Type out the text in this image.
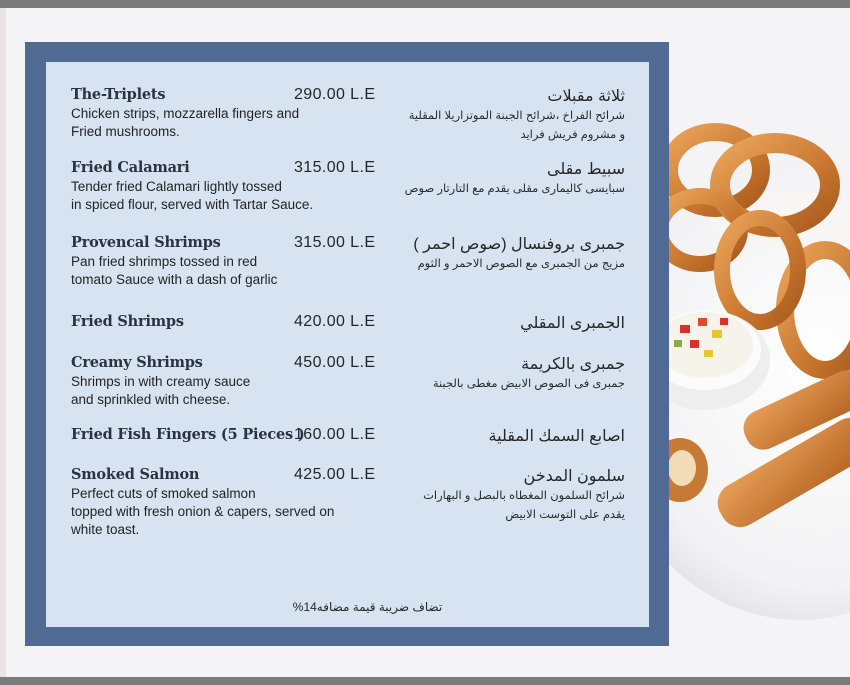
The-Triplets
Chicken strips, mozzarella fingers and
Fried mushrooms.
290.00 L.E	ثلاثة مقبلات
شرائح الفراخ ،شرائح الجبنة الموتزاريلا المقلية
و مشروم فريش فرايد
Fried Calamari
Tender fried Calamari lightly tossed
in spiced flour, served with Tartar Sauce.
315.00 L.E	سبيط مقلى
سبايسى كاليمارى مقلى يقدم مع التارتار صوص
Provencal Shrimps
Pan fried shrimps tossed in red
tomato Sauce with a dash of garlic
315.00 L.E جمبرى بروفنسال (صوص احمر )
مزيج من الجمبرى مع الصوص الاحمر و الثوم
Fried Shrimps	420.00 L.E	الجمبرى المقلي
Creamy Shrimps
Shrimps in with creamy sauce
and sprinkled with cheese.
450.00 L.E	جمبرى بالكريمة
جمبرى فى الصوص الابيض مغطى بالجبنة
Fried Fish Fingers (5 Pieces )
160.00 L.E	اصابع السمك المقلية
Smoked Salmon
Perfect cuts of smoked salmon
topped with fresh onion & capers, served on
white toast.
425.00 L.E	سلمون المدخن
شرائح السلمون المغطاه بالبصل و البهارات
يقدم على التوست الابيض
تضاف ضريبة قيمة مضافه14%
